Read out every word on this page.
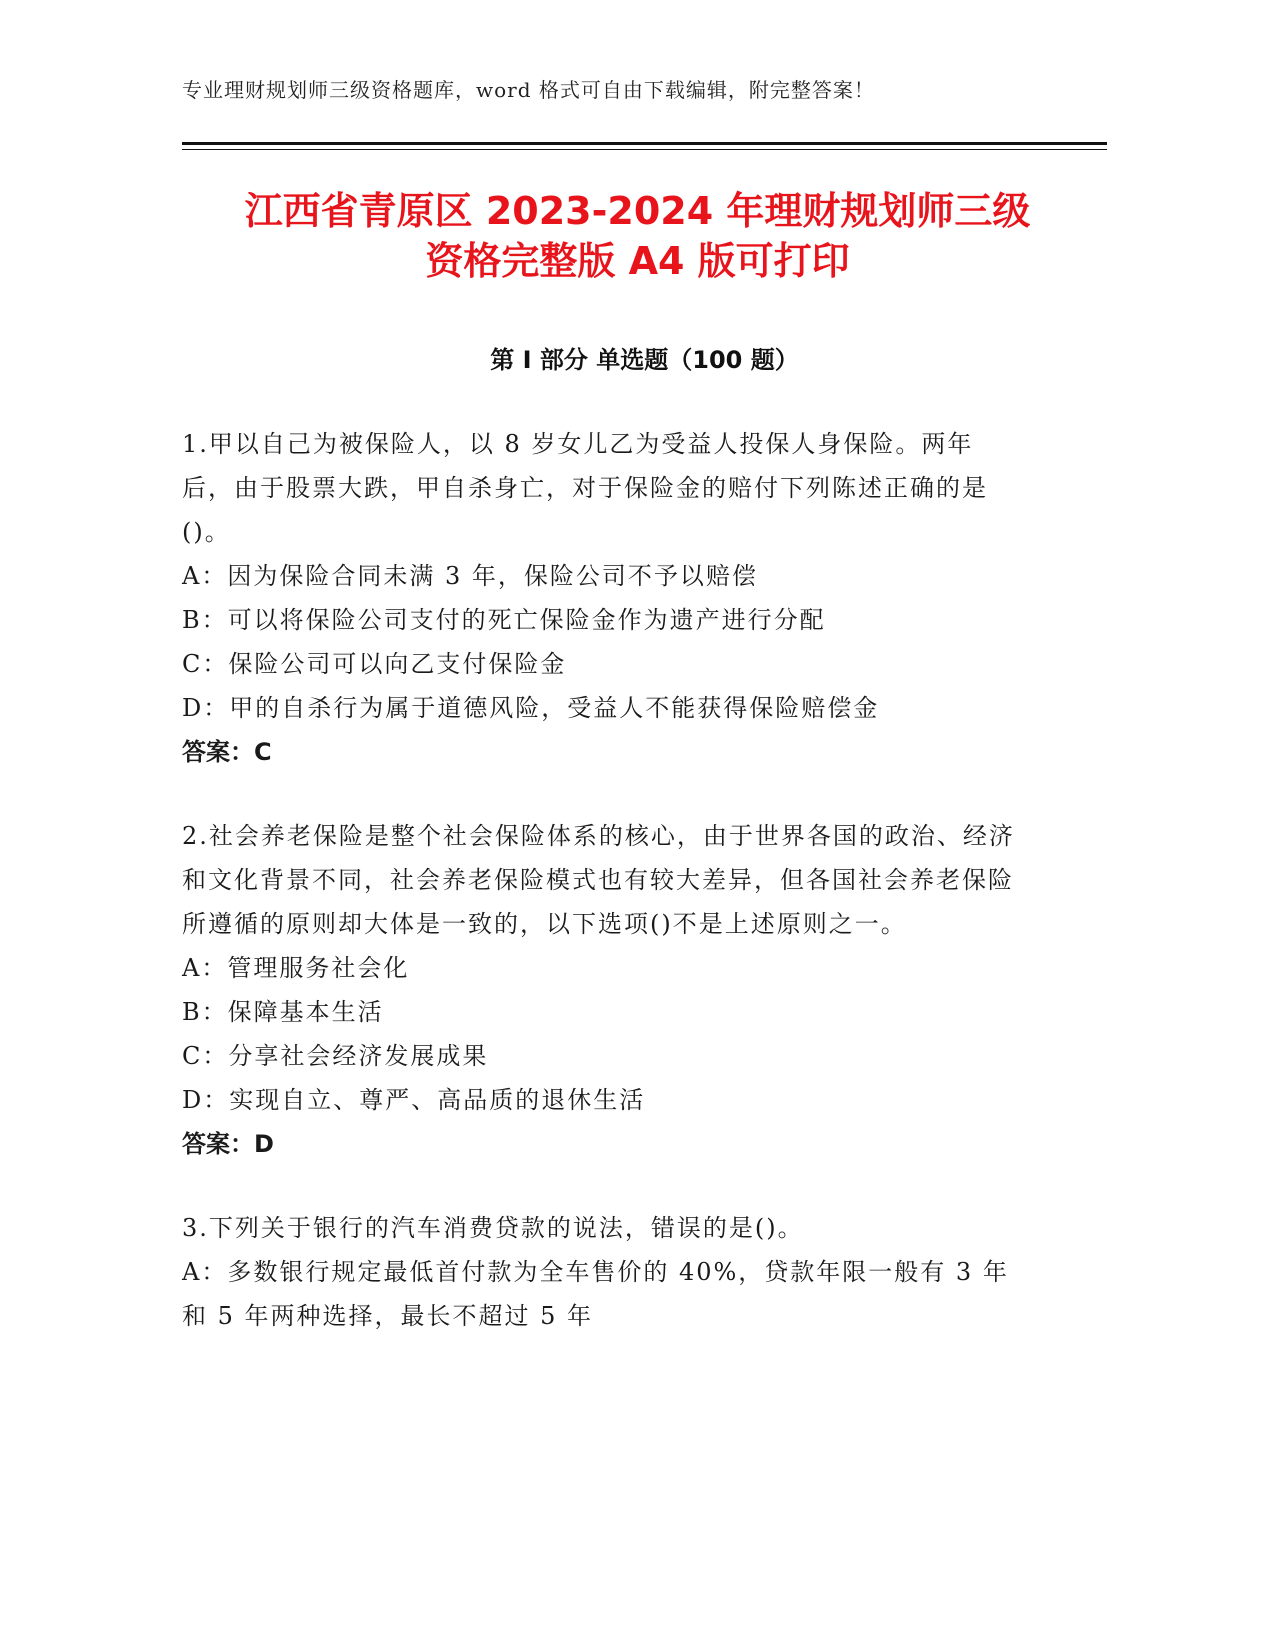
专业理财规划师三级资格题库，word 格式可自由下载编辑，附完整答案！
江西省青原区 2023-2024 年理财规划师三级
资格完整版 A4 版可打印
第 I 部分 单选题（100 题）

1.甲以自己为被保险人，以 8 岁女儿乙为受益人投保人身保险。两年后，由于股票大跌，甲自杀身亡，对于保险金的赔付下列陈述正确的是()。

A：因为保险合同未满 3 年，保险公司不予以赔偿

B：可以将保险公司支付的死亡保险金作为遗产进行分配

C：保险公司可以向乙支付保险金

D：甲的自杀行为属于道德风险，受益人不能获得保险赔偿金

答案：C

2.社会养老保险是整个社会保险体系的核心，由于世界各国的政治、经济和文化背景不同，社会养老保险模式也有较大差异，但各国社会养老保险所遵循的原则却大体是一致的，以下选项()不是上述原则之一。

A：管理服务社会化

B：保障基本生活

C：分享社会经济发展成果

D：实现自立、尊严、高品质的退休生活

答案：D

3.下列关于银行的汽车消费贷款的说法，错误的是()。

A：多数银行规定最低首付款为全车售价的 40%，贷款年限一般有 3 年和 5 年两种选择，最长不超过 5 年
